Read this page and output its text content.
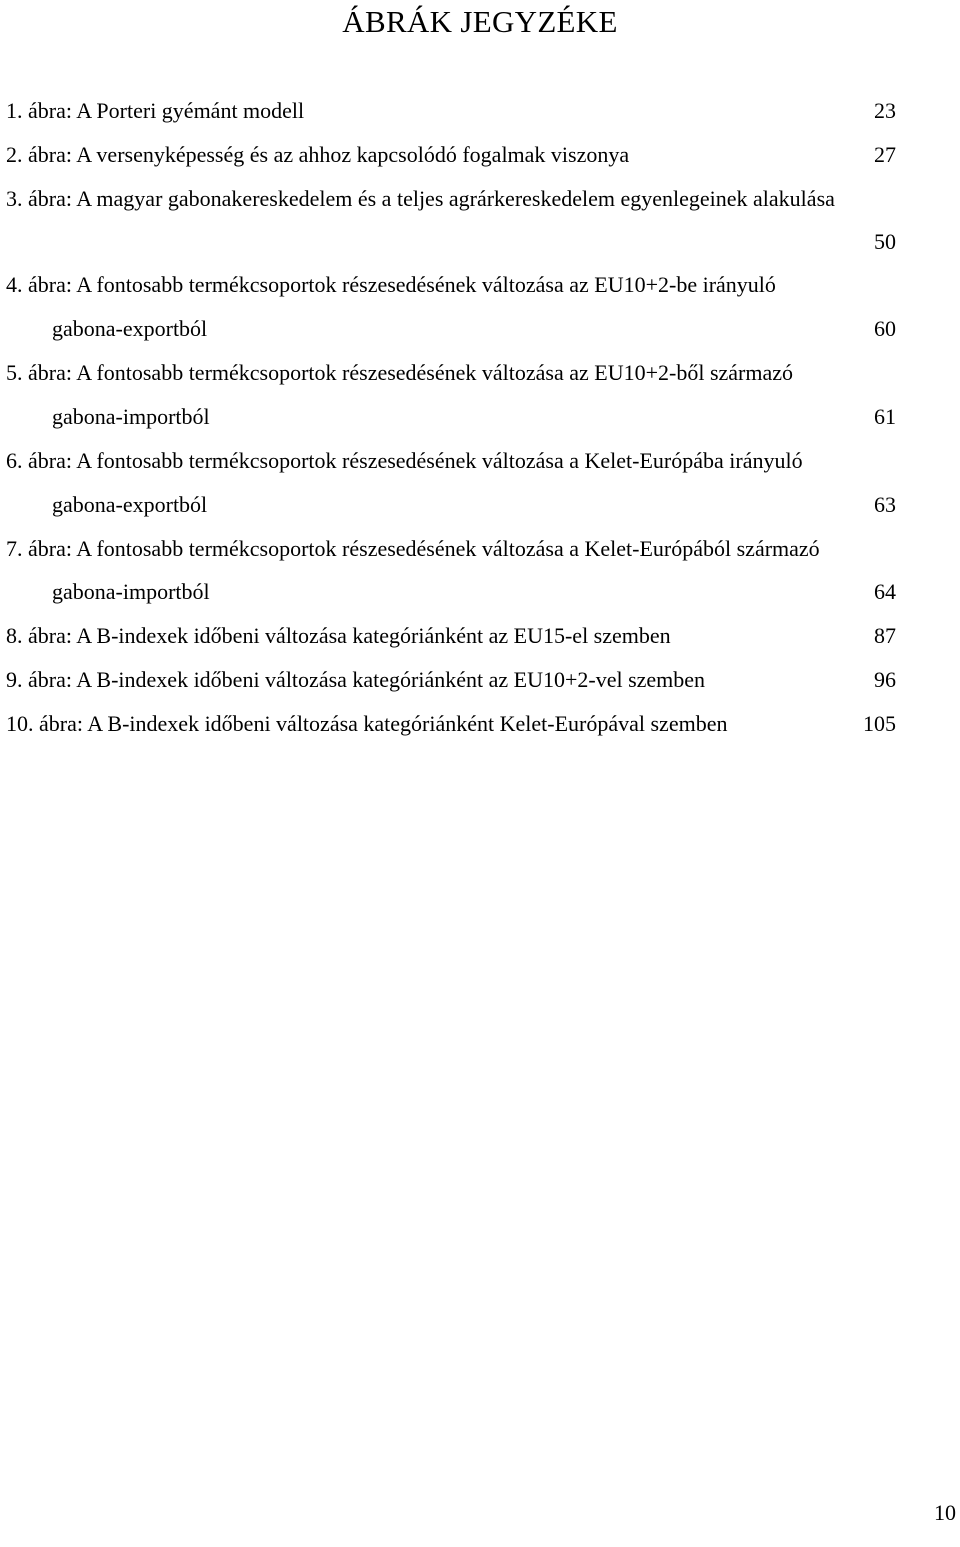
ÁBRÁK JEGYZÉKE
1. ábra: A Porteri gyémánt modell	23
2. ábra: A versenyképesség és az ahhoz kapcsolódó fogalmak viszonya	27
3. ábra: A magyar gabonakereskedelem és a teljes agrárkereskedelem egyenlegeinek alakulása
50
4. ábra: A fontosabb termékcsoportok részesedésének változása az EU10+2-be irányuló
gabona-exportból	60
5. ábra: A fontosabb termékcsoportok részesedésének változása az EU10+2-ből származó
gabona-importból	61
6. ábra: A fontosabb termékcsoportok részesedésének változása a Kelet-Európába irányuló
gabona-exportból	63
7. ábra: A fontosabb termékcsoportok részesedésének változása a Kelet-Európából származó
gabona-importból	64
8. ábra: A B-indexek időbeni változása kategóriánként az EU15-el szemben	87
9. ábra: A B-indexek időbeni változása kategóriánként az EU10+2-vel szemben	96
10. ábra: A B-indexek időbeni változása kategóriánként Kelet-Európával szemben	105
10
